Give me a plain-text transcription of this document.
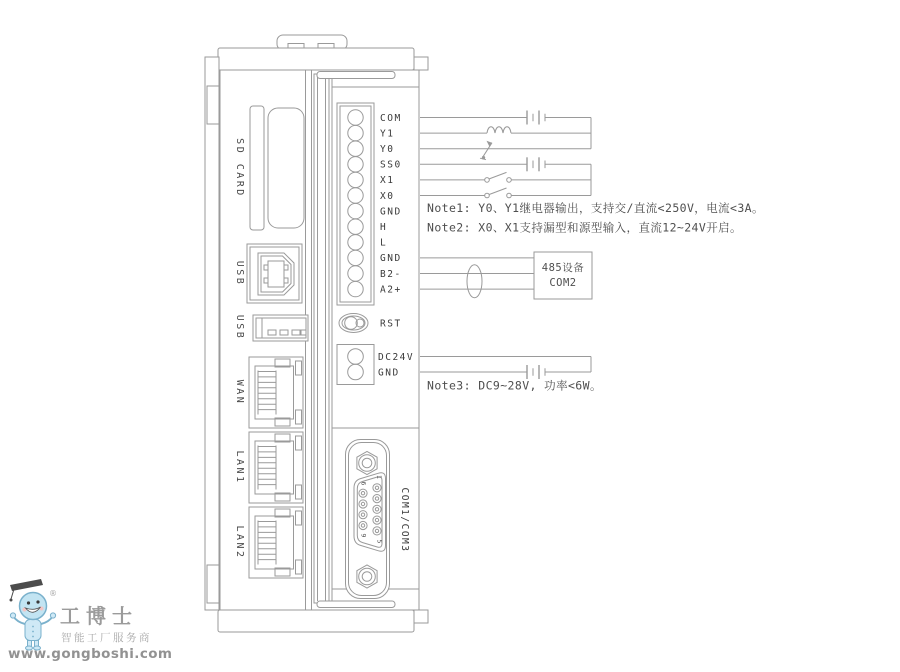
SD CARD
USB
USB
WAN
LAN1
LAN2
COM
Y1
Y0
SS0
X1
X0
GND
H
L
GND
B2-
A2+
RST
DC24V
GND
1
5
6
9	COM1/COM3
485设备
COM2
Note1: Y0、Y1继电器输出，支持交/直流<250V，电流<3A。
Note2: X0、X1支持漏型和源型输入，直流12~24V开启。
Note3: DC9~28V, 功率<6W。
®
工博士
智能工厂服务商
www.gongboshi.com
